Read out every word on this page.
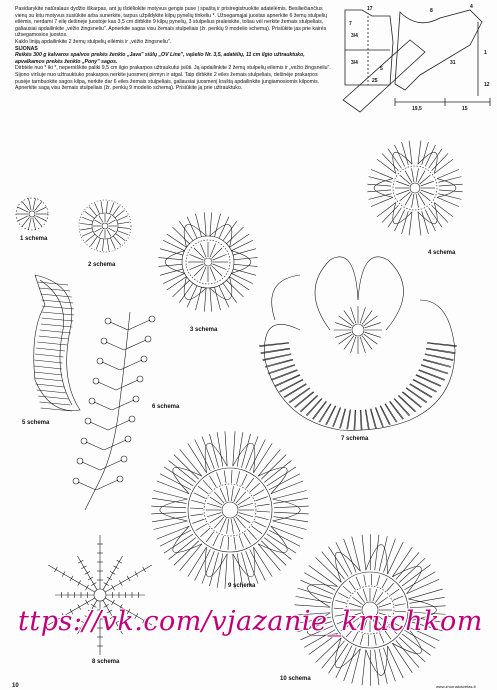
Pasidarykite natūralaus dydžio iškarpas, ant jų išdėliokite motyvus gengis puse | spaštą ir prisiregistruokite adatėlėmis. Besiliečiančius vienų su kitu motyvus susiūkite arba sunerkite, tarpus užpildykite kilpų pynelių tinkeliu *. Užsegamąjai juostas apnerkite 6 žemų stulpelių eilėmis, nerdami 7 eilę dešinėje juostoje kas 3,5 cm dirbkite 9 kilpų pynelių, 3 stulpelius praleiskite, toliau vėl nerkite žemais stulpeliais, galiausiai apdailinkite „vėžio žingsneliu". Apnerkite sagas visu žemais stulpeliais (žr. penkių 9 modelio schemą). Prisiūkite jas prie kairės užsegamosios juostos.

Kaklo liniją apdailinkite 2 žemų stulpelių eilėmis ir „vėžio žingsneliu".

SIJONAS

Reikės 300 g kalvaros spalvos prekės ženklo „Java" siūlų „OV Line", vąšelio Nr. 3,5, adatėlių, 11 cm ilgio užtrauktuko, apvalkamos prekės ženklo „Pony" sagos.

Dirbtėle nuo * iki *, neperniškite paliki 9,5 cm ilgio prakarpos užtraukutui įsiūti. Ją apdailinkite 2 žemų stulpelių eilėmis ir „vėžio žingsneliu". Sijono viršuje nuo užtrauktuko prakarpos nerkite juosmenį pirmyn ir atgal. Taip dirbkite 2 eiles žemais stulpeliais, dešinėje prakarpos pusėje tarnbuokite sagos kilpą, nerkite dar 6 eiles žemais stulpeliais, galiausiai juosmenį kraštą apdailinkite jungiamosiomis kilpomis. Apnerkite sagą visu žemais stulpeliais (žr. penkių 9 modelio schemą). Prisiūkite ją prie užtrauktuko.

17
7
3/4
3/4
5
8
4
1
19,5	15
31
25
12
1 schema
2 schema
3 schema
4 schema
5 schema
6 schema
7 schema
8 schema
9 schema
10 schema
ttps://vk.com/vjazanie_kruchkom
10	www.zhurnalusvetas.lt
